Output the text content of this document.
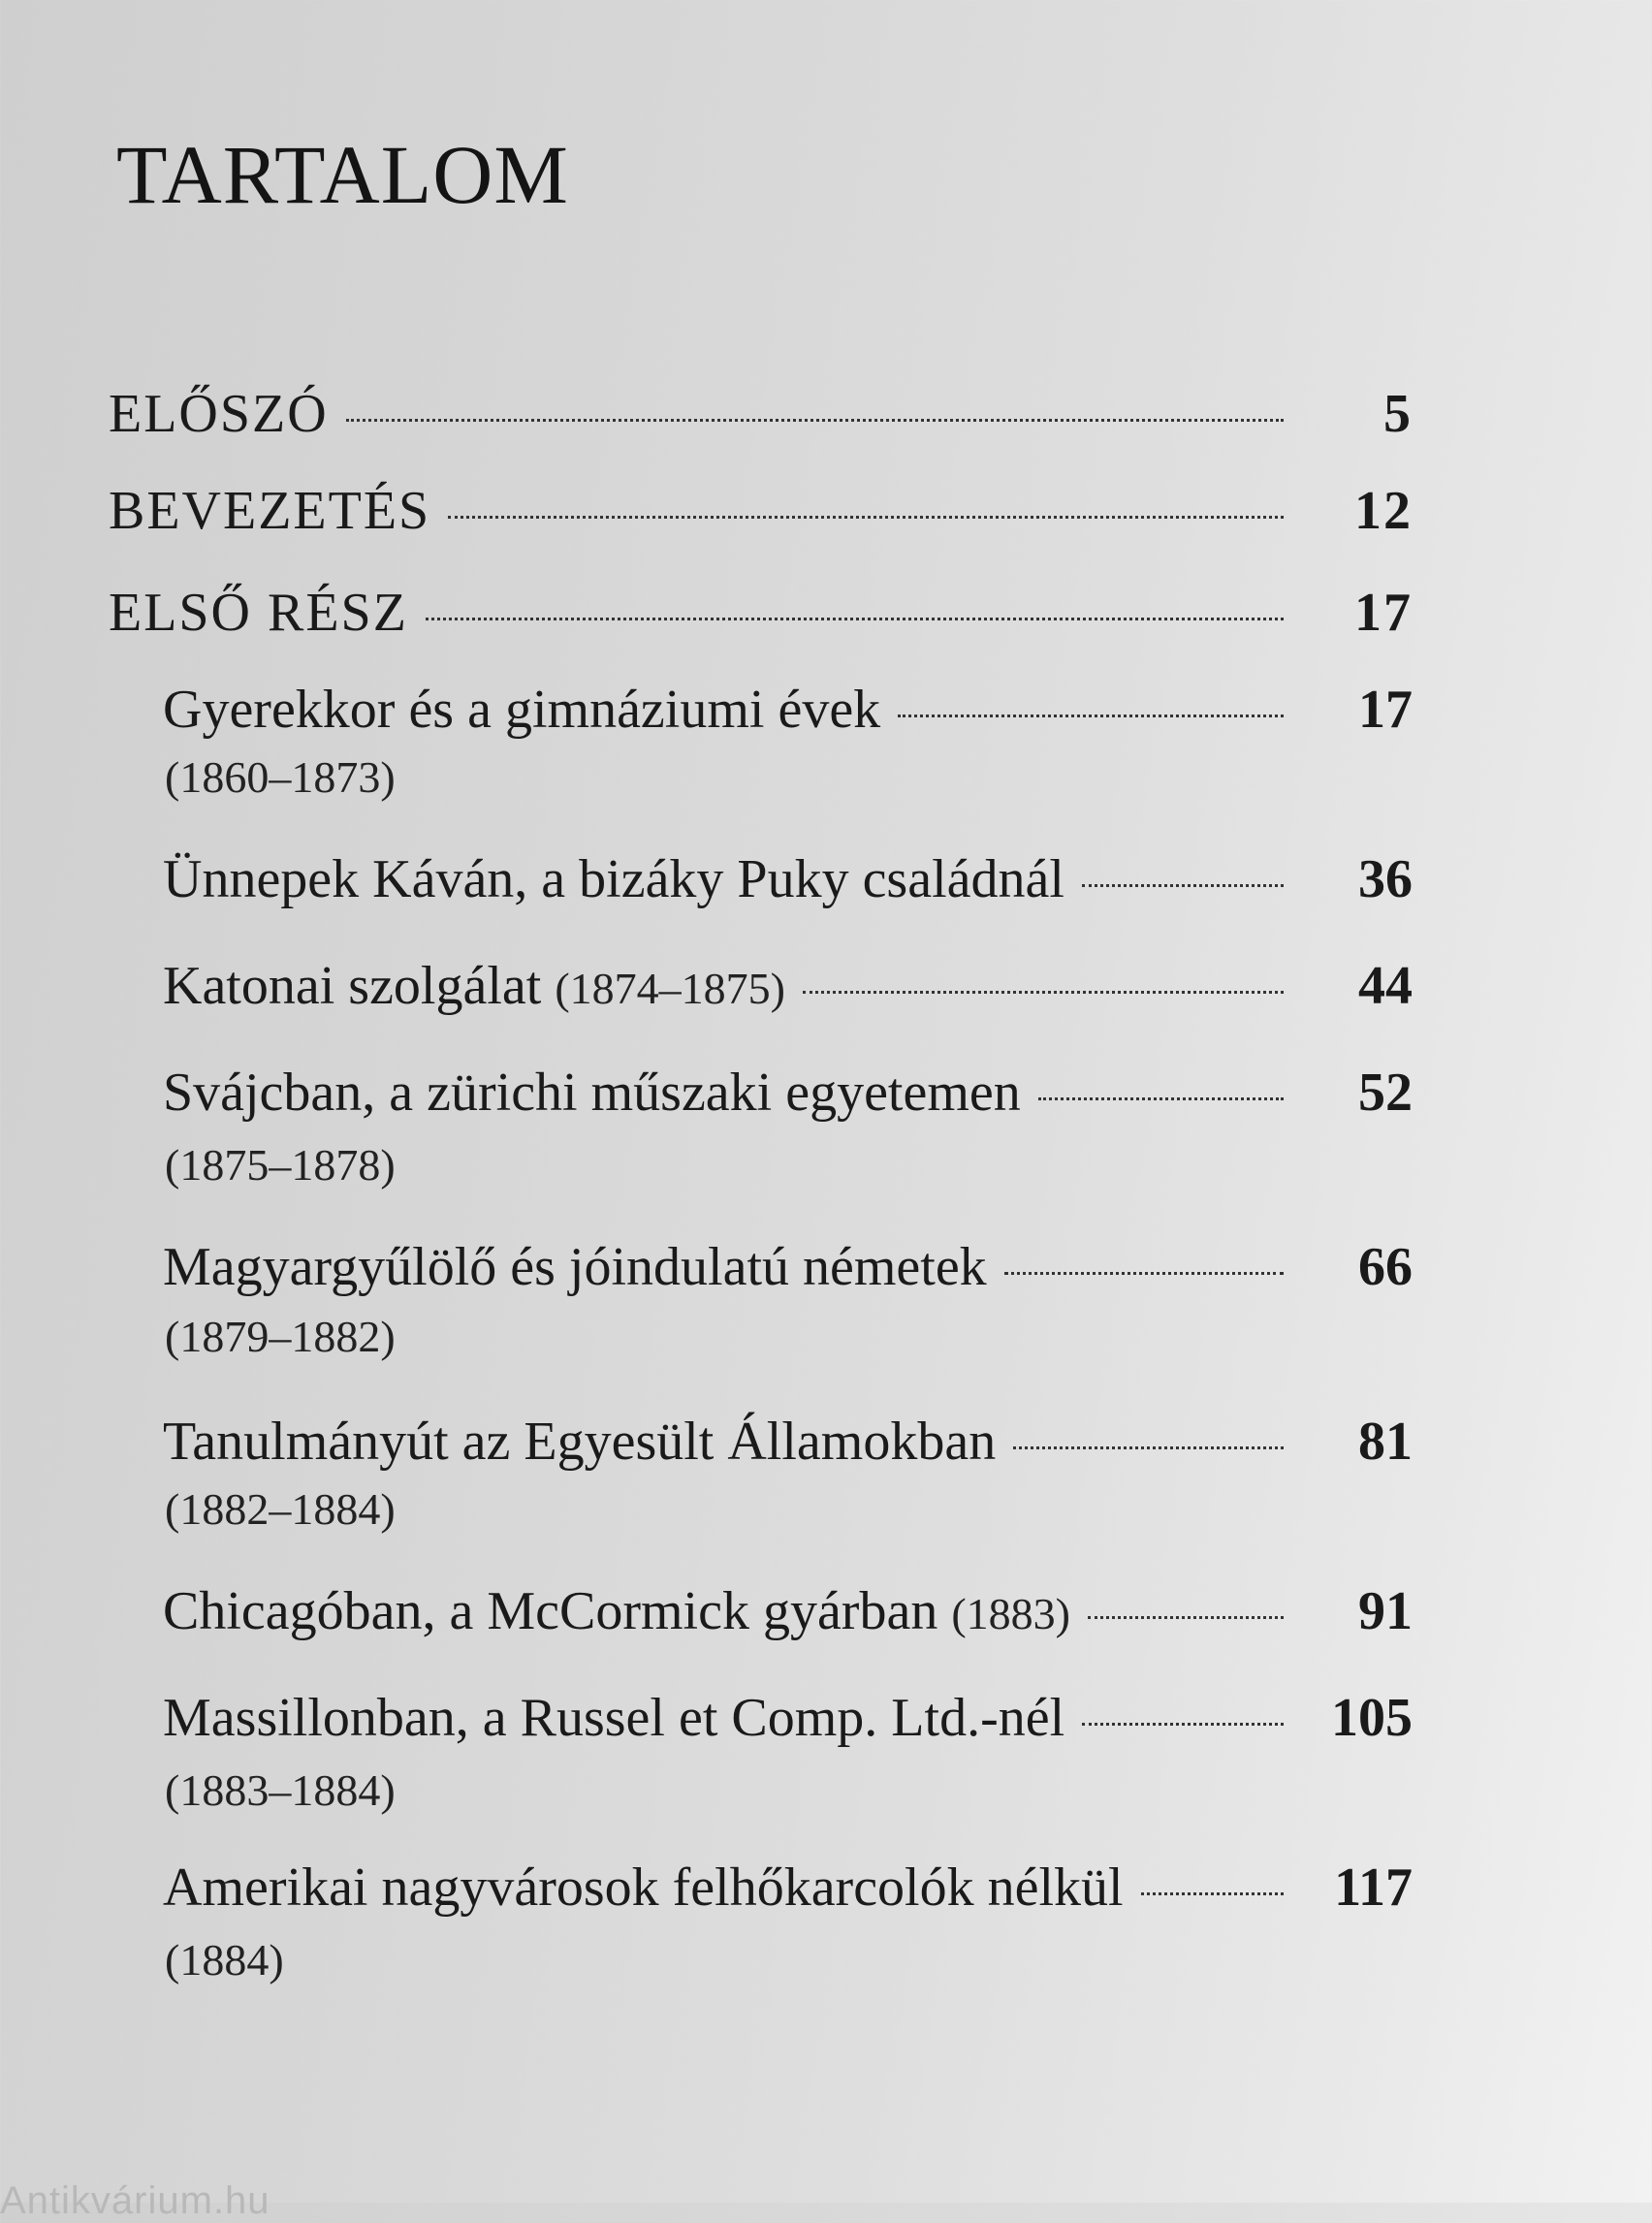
TARTALOM
ELŐSZÓ	5
BEVEZETÉS	12
ELSŐ RÉSZ	17
Gyerekkor és a gimnáziumi évek	17
(1860–1873)
Ünnepek Káván, a bizáky Puky családnál	36
Katonai szolgálat (1874–1875)	44
Svájcban, a zürichi műszaki egyetemen	52
(1875–1878)
Magyargyűlölő és jóindulatú németek	66
(1879–1882)
Tanulmányút az Egyesült Államokban	81
(1882–1884)
Chicagóban, a McCormick gyárban (1883)	91
Massillonban, a Russel et Comp. Ltd.-nél	105
(1883–1884)
Amerikai nagyvárosok felhőkarcolók nélkül	117
(1884)
Antikvárium.hu
